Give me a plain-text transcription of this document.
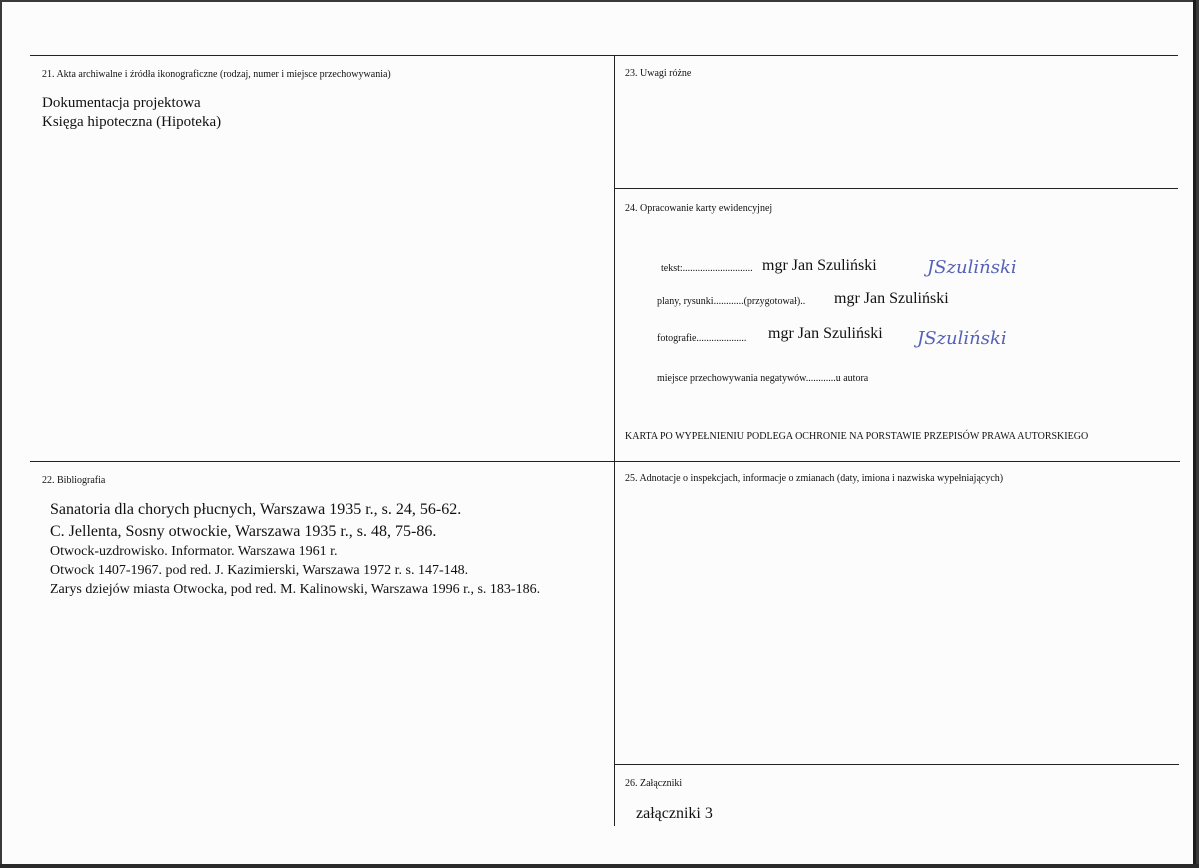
21. Akta archiwalne i źródła ikonograficzne (rodzaj, numer i miejsce przechowywania)
Dokumentacja projektowa
Księga hipoteczna (Hipoteka)
22. Bibliografia
Sanatoria dla chorych płucnych, Warszawa 1935 r., s. 24, 56-62.
C. Jellenta, Sosny otwockie, Warszawa 1935 r., s. 48, 75-86.
Otwock-uzdrowisko. Informator. Warszawa 1961 r.
Otwock 1407-1967. pod red. J. Kazimierski, Warszawa 1972 r. s. 147-148.
Zarys dziejów miasta Otwocka, pod red. M. Kalinowski, Warszawa 1996 r., s. 183-186.
23. Uwagi różne
24. Opracowanie karty ewidencyjnej
tekst:............................ mgr Jan Szuliński	JSzuliński
plany, rysunki............(przygotował).. mgr Jan Szuliński
fotografie.................... mgr Jan Szuliński JSzuliński
miejsce przechowywania negatywów............u autora
KARTA PO WYPEŁNIENIU PODLEGA OCHRONIE NA PORSTAWIE PRZEPISÓW PRAWA AUTORSKIEGO
25. Adnotacje o inspekcjach, informacje o zmianach (daty, imiona i nazwiska wypełniających)
26. Załączniki
załączniki 3
